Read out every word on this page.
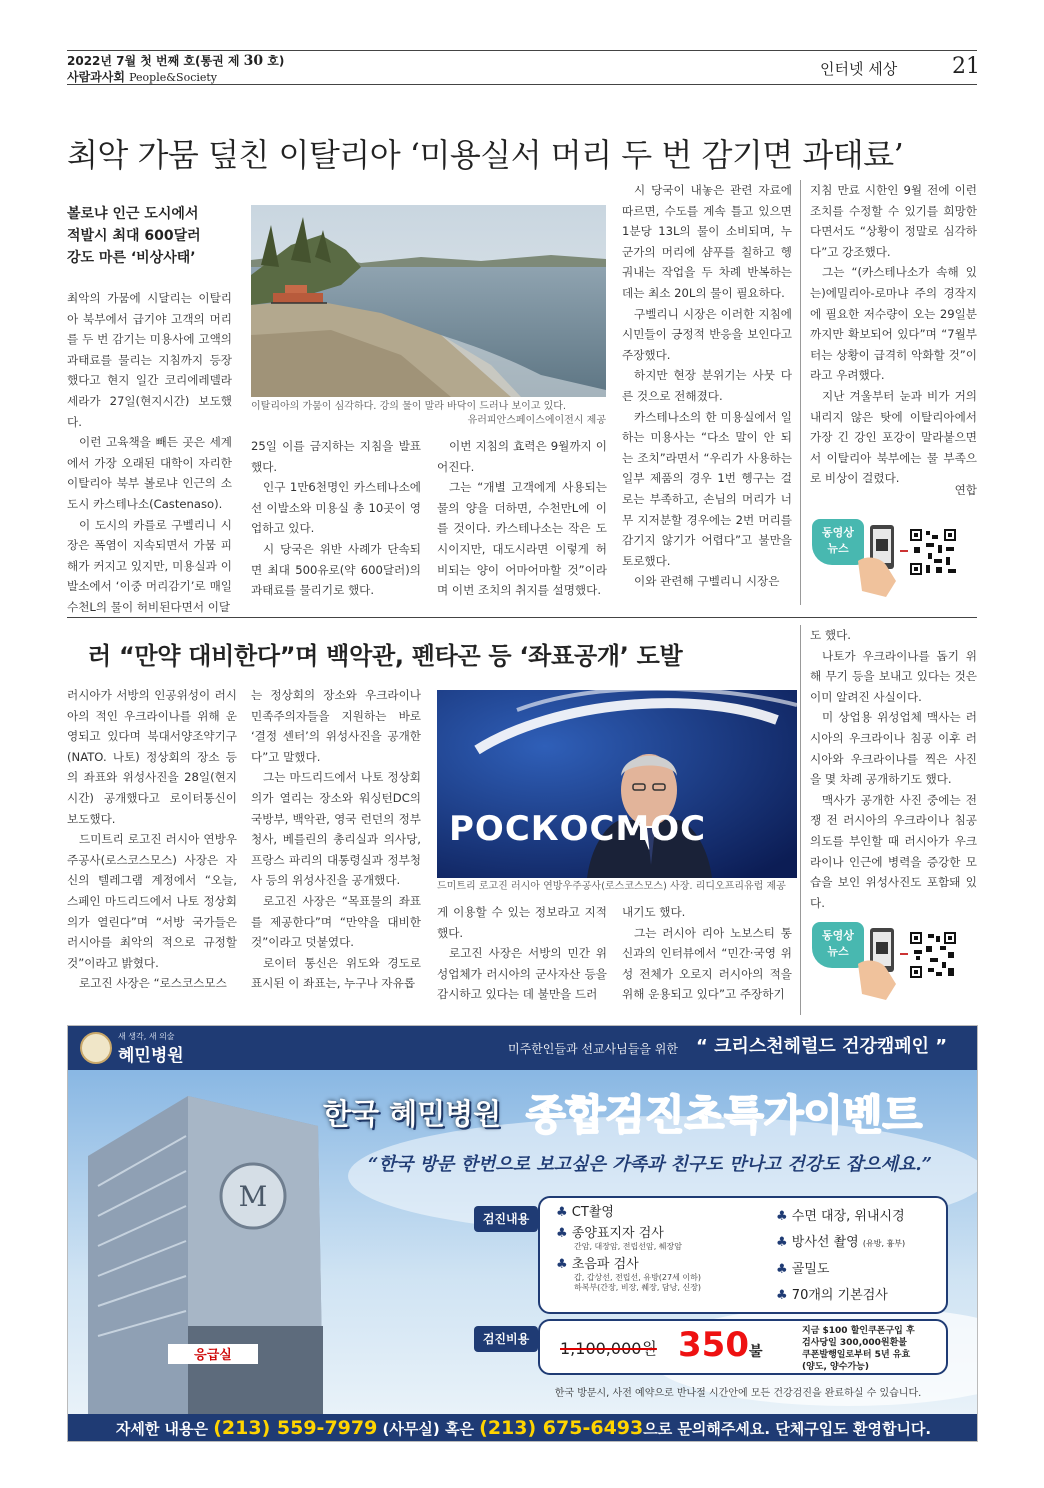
2022년 7월 첫 번째 호(통권 제 30 호)
사람과사회 People&Society	인터넷 세상 21
최악 가뭄 덮친 이탈리아 ‘미용실서 머리 두 번 감기면 과태료’
볼로냐 인근 도시에서
적발시 최대 600달러
강도 마른 ‘비상사태’

최악의 가뭄에 시달리는 이탈리아 북부에서 급기야 고객의 머리를 두 번 감기는 미용사에 고액의 과태료를 물리는 지침까지 등장했다고 현지 일간 코리에레델라세라가 27일(현지시간) 보도했다.

이런 고육책을 빼든 곳은 세계에서 가장 오래된 대학이 자리한 이탈리아 북부 볼로냐 인근의 소도시 카스테나소(Castenaso).

이 도시의 카를로 구벨리니 시장은 폭염이 지속되면서 가뭄 피해가 커지고 있지만, 미용실과 이발소에서 ‘이중 머리감기’로 매일 수천L의 물이 허비된다면서 이달

이탈리아의 가뭄이 심각하다. 강의 물이 말라 바닥이 드러나 보이고 있다.
유러피안스페이스에이전시 제공

25일 이를 금지하는 지침을 발표했다.

인구 1만6천명인 카스테나소에선 이발소와 미용실 총 10곳이 영업하고 있다.

시 당국은 위반 사례가 단속되면 최대 500유로(약 600달러)의 과태료를 물리기로 했다.

이번 지침의 효력은 9월까지 이어진다.

그는 “개별 고객에게 사용되는 물의 양을 더하면, 수천만L에 이를 것이다. 카스테나소는 작은 도시이지만, 대도시라면 이렇게 허비되는 양이 어마어마할 것”이라며 이번 조치의 취지를 설명했다.

시 당국이 내놓은 관련 자료에 따르면, 수도를 계속 틀고 있으면 1분당 13L의 물이 소비되며, 누군가의 머리에 샴푸를 칠하고 헹궈내는 작업을 두 차례 반복하는 데는 최소 20L의 물이 필요하다.

구벨리니 시장은 이러한 지침에 시민들이 긍정적 반응을 보인다고 주장했다.

하지만 현장 분위기는 사뭇 다른 것으로 전해졌다.

카스테나소의 한 미용실에서 일하는 미용사는 “다소 말이 안 되는 조치”라면서 “우리가 사용하는 일부 제품의 경우 1번 헹구는 걸로는 부족하고, 손님의 머리가 너무 지저분할 경우에는 2번 머리를 감기지 않기가 어렵다”고 불만을 토로했다.

이와 관련해 구벨리니 시장은

지침 만료 시한인 9월 전에 이런 조치를 수정할 수 있기를 희망한다면서도 “상황이 정말로 심각하다”고 강조했다.

그는 “(카스테나소가 속해 있는)에밀리아-로마냐 주의 경작지에 필요한 저수량이 오는 29일분까지만 확보되어 있다”며 “7월부터는 상황이 급격히 악화할 것”이라고 우려했다.

지난 겨울부터 눈과 비가 거의 내리지 않은 탓에 이탈리아에서 가장 긴 강인 포강이 말라붙으면서 이탈리아 북부에는 물 부족으로 비상이 걸렸다.

연합
동영상
뉴스
러 “만약 대비한다”며 백악관, 펜타곤 등 ‘좌표공개’ 도발

러시아가 서방의 인공위성이 러시아의 적인 우크라이나를 위해 운영되고 있다며 북대서양조약기구(NATO. 나토) 정상회의 장소 등의 좌표와 위성사진을 28일(현지시간) 공개했다고 로이터통신이 보도했다.

드미트리 로고진 러시아 연방우주공사(로스코스모스) 사장은 자신의 텔레그램 계정에서 “오늘, 스페인 마드리드에서 나토 정상회의가 열린다”며 “서방 국가들은 러시아를 최악의 적으로 규정할 것”이라고 밝혔다.

로고진 사장은 “로스코스모스

는 정상회의 장소와 우크라이나 민족주의자들을 지원하는 바로 ‘결정 센터’의 위성사진을 공개한다”고 말했다.

그는 마드리드에서 나토 정상회의가 열리는 장소와 워싱턴DC의 국방부, 백악관, 영국 런던의 정부청사, 베를린의 총리실과 의사당, 프랑스 파리의 대통령실과 정부청사 등의 위성사진을 공개했다.

로고진 사장은 “목표물의 좌표를 제공한다”며 “만약을 대비한 것”이라고 덧붙였다.

로이터 통신은 위도와 경도로 표시된 이 좌표는, 누구나 자유롭

РОСКОСМОС
드미트리 로고진 러시아 연방우주공사(로스코스모스) 사장. 리디오프리유럽 제공

게 이용할 수 있는 정보라고 지적했다.

로고진 사장은 서방의 민간 위성업체가 러시아의 군사자산 등을 감시하고 있다는 데 불만을 드러

내기도 했다.

그는 러시아 리아 노보스티 통신과의 인터뷰에서 “민간·국영 위성 전체가 오로지 러시아의 적을 위해 운용되고 있다”고 주장하기

도 했다.

나토가 우크라이나를 돕기 위해 무기 등을 보내고 있다는 것은 이미 알려진 사실이다.

미 상업용 위성업체 맥사는 러시아의 우크라이나 침공 이후 러시아와 우크라이나를 찍은 사진을 몇 차례 공개하기도 했다.

맥사가 공개한 사진 중에는 전쟁 전 러시아의 우크라이나 침공 의도를 부인할 때 러시아가 우크라이나 인근에 병력을 증강한 모습을 보인 위성사진도 포함돼 있다.

동영상
뉴스
M
응급실
새 생각, 새 의술
혜민병원	미주한인들과 선교사님들을 위한 “ 크리스천헤럴드 건강캠페인 ”
한국 혜민병원 종합검진초특가이벤트
“한국 방문 한번으로 보고싶은 가족과 친구도 만나고 건강도 잡으세요.”
검진내용	♣ CT촬영
♣ 종양표지자 검사
간암, 대장암, 전립선암, 췌장암
♣ 초음파 검사
갑, 갑상선, 전립선, 유방(27세 이하)
하복부(간장, 비장, 췌장, 담낭, 신장)
♣ 수면 대장, 위내시경
♣ 방사선 촬영 (유방, 흉부)
♣ 골밀도
♣ 70개의 기본검사
검진비용	1,100,000원 350불
지금 $100 할인쿠폰구입 후
검사당일 300,000원환불
쿠폰발행일로부터 5년 유효
(양도, 양수가능)
한국 방문시, 사전 예약으로 반나절 시간안에 모든 건강검진을 완료하실 수 있습니다.
자세한 내용은 (213) 559-7979 (사무실) 혹은 (213) 675-6493으로 문의해주세요. 단체구입도 환영합니다.
